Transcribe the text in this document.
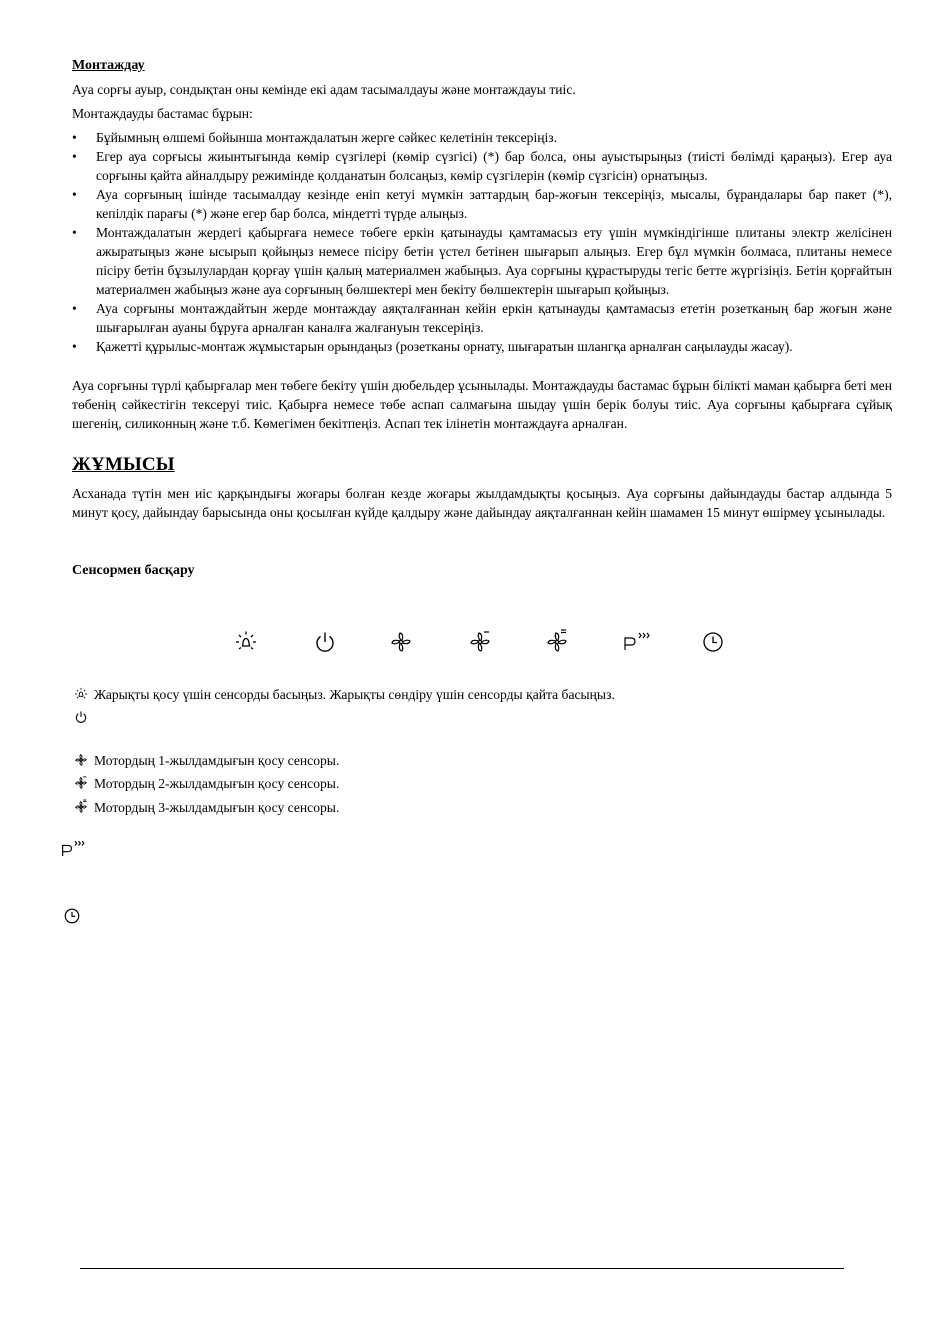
Монтаждау
Ауа сорғы ауыр, сондықтан оны кемінде екі адам тасымалдауы және монтаждауы тиіс.
Монтаждауды бастамас бұрын:
• Бұйымның өлшемі бойынша монтаждалатын жерге сәйкес келетінін тексеріңіз.
• Егер ауа сорғысы жиынтығында көмір сүзгілері (көмір сүзгісі) (*) бар болса, оны ауыстырыңыз (тиісті бөлімді қараңыз). Егер ауа сорғыны қайта айналдыру режимінде қолданатын болсаңыз, көмір сүзгілерін (көмір сүзгісін) орнатыңыз.
• Ауа сорғының ішінде тасымалдау кезінде еніп кетуі мүмкін заттардың бар-жоғын тексеріңіз, мысалы, бұрандалары бар пакет (*), кепілдік парағы (*) және егер бар болса, міндетті түрде алыңыз.
• Монтаждалатын жердегі қабырғаға немесе төбеге еркін қатынауды қамтамасыз ету үшін мүмкіндігінше плитаны электр желісінен ажыратыңыз және ысырып қойыңыз немесе пісіру бетін үстел бетінен шығарып алыңыз. Егер бұл мүмкін болмаса, плитаны немесе пісіру бетін бұзылулардан қорғау үшін қалың материалмен жабыңыз. Ауа сорғыны құрастыруды тегіс бетте жүргізіңіз. Бетін қорғайтын материалмен жабыңыз және ауа сорғының бөлшектері мен бекіту бөлшектерін шығарып қойыңыз.
• Ауа сорғыны монтаждайтын жерде монтаждау аяқталғаннан кейін еркін қатынауды қамтамасыз ететін розетканың бар жоғын және шығарылған ауаны бұруға арналған каналға жалғануын тексеріңіз.
• Қажетті құрылыс-монтаж жұмыстарын орындаңыз (розетканы орнату, шығаратын шлангқа арналған саңылауды жасау).
Ауа сорғыны түрлі қабырғалар мен төбеге бекіту үшін дюбельдер ұсынылады. Монтаждауды бастамас бұрын білікті маман қабырға беті мен төбенің сәйкестігін тексеруі тиіс. Қабырға немесе төбе аспап салмағына шыдау үшін берік болуы тиіс. Ауа сорғыны қабырғаға сұйық шегенің, силиконның және т.б. Көмегімен бекітпеңіз. Аспап тек ілінетін монтаждауға арналған.
ЖҰМЫСЫ
Асханада түтін мен иіс қарқындығы жоғары болған кезде жоғары жылдамдықты қосыңыз. Ауа сорғыны дайындауды бастар алдында 5 минут қосу, дайындау барысында оны қосылған күйде қалдыру және дайындау аяқталғаннан кейін шамамен 15 минут өшірмеу ұсынылады.
Сенсормен басқару
Жарықты қосу үшін сенсорды басыңыз. Жарықты сөндіру үшін сенсорды қайта басыңыз.
Мотордың 1-жылдамдығын қосу сенсоры.
Мотордың 2-жылдамдығын қосу сенсоры.
Мотордың 3-жылдамдығын қосу сенсоры.
